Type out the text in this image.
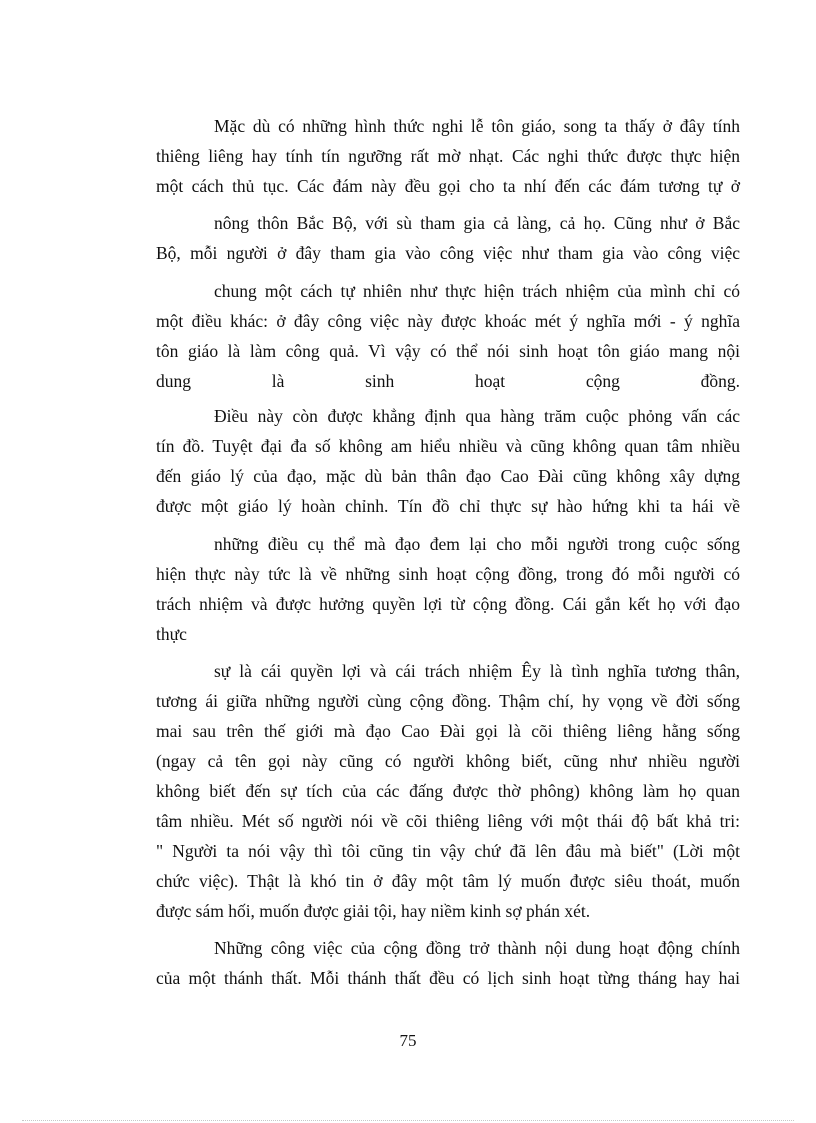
Mặc dù có những hình thức nghi lễ tôn giáo, song ta thấy ở đây tính
thiêng liêng hay tính tín ngưỡng rất mờ nhạt. Các nghi thức được thực hiện
một cách thủ tục. Các đám này đều gọi cho ta nhí đến các đám tương tự ở
nông thôn Bắc Bộ, với sù tham gia cả làng, cả họ. Cũng như ở Bắc
Bộ, mỗi người ở đây tham gia vào công việc như tham gia vào công việc
chung một cách tự nhiên như thực hiện trách nhiệm của mình chỉ có
một điều khác: ở đây công việc này được khoác mét ý nghĩa mới - ý nghĩa
tôn giáo là làm công quả. Vì vậy có thể nói sinh hoạt tôn giáo mang nội
dung là sinh hoạt cộng đồng.
Điều này còn được khẳng định qua hàng trăm cuộc phỏng vấn các
tín đồ. Tuyệt đại đa số không am hiểu nhiều và cũng không quan tâm nhiều
đến giáo lý của đạo, mặc dù bản thân đạo Cao Đài cũng không xây dựng
được một giáo lý hoàn chỉnh. Tín đồ chỉ thực sự hào hứng khi ta hái về
những điều cụ thể mà đạo đem lại cho mỗi người trong cuộc sống
hiện thực này tức là về những sinh hoạt cộng đồng, trong đó mỗi người có
trách nhiệm và được hưởng quyền lợi từ cộng đồng. Cái gắn kết họ với đạo
thực
sự là cái quyền lợi và cái trách nhiệm Êy là tình nghĩa tương thân,
tương ái giữa những người cùng cộng đồng. Thậm chí, hy vọng về đời sống
mai sau trên thế giới mà đạo Cao Đài gọi là cõi thiêng liêng hằng sống
(ngay cả tên gọi này cũng có người không biết, cũng như nhiều người
không biết đến sự tích của các đấng được thờ phông) không làm họ quan
tâm nhiều. Mét số người nói về cõi thiêng liêng với một thái độ bất khả tri:
" Người ta nói vậy thì tôi cũng tin vậy chứ đã lên đâu mà biết" (Lời một
chức việc). Thật là khó tin ở đây một tâm lý muốn được siêu thoát, muốn
được sám hối, muốn được giải tội, hay niềm kinh sợ phán xét.
Những công việc của cộng đồng trở thành nội dung hoạt động chính
của một thánh thất. Mỗi thánh thất đều có lịch sinh hoạt từng tháng hay hai
75
